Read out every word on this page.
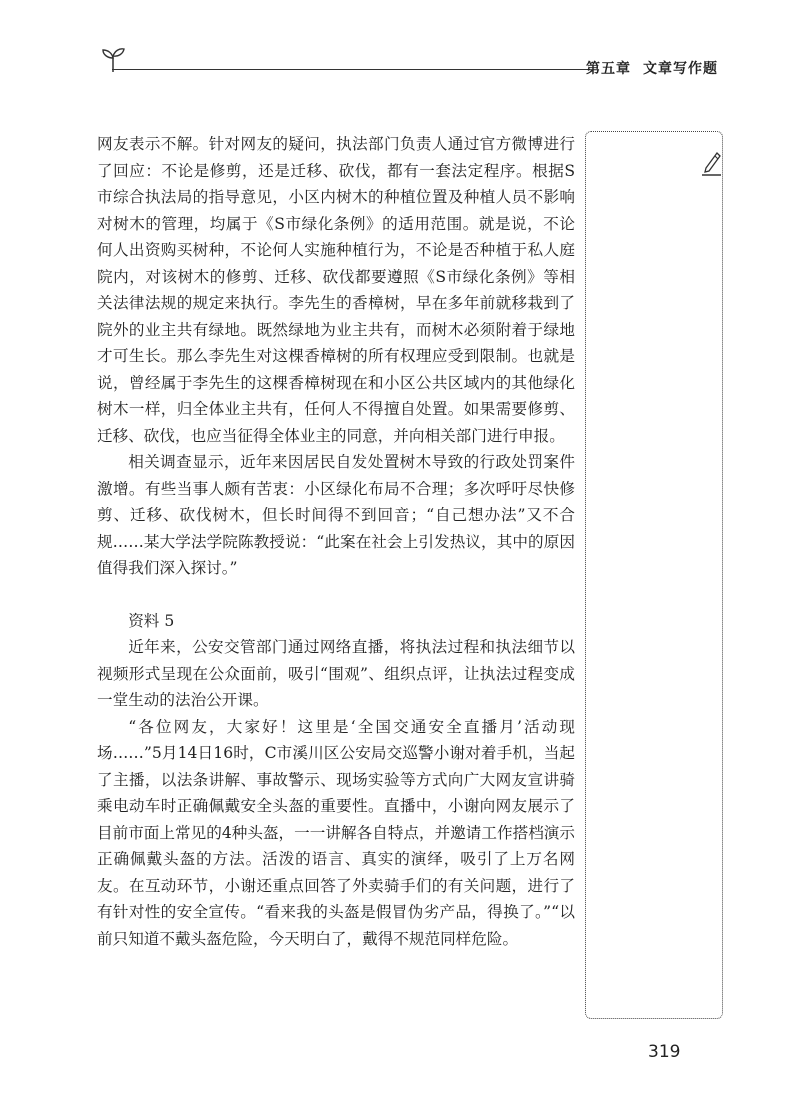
第五章 文章写作题

网友表示不解。针对网友的疑问，执法部门负责人通过官方微博进行了回应：不论是修剪，还是迁移、砍伐，都有一套法定程序。根据S市综合执法局的指导意见，小区内树木的种植位置及种植人员不影响对树木的管理，均属于《S市绿化条例》的适用范围。就是说，不论何人出资购买树种，不论何人实施种植行为，不论是否种植于私人庭院内，对该树木的修剪、迁移、砍伐都要遵照《S市绿化条例》等相关法律法规的规定来执行。李先生的香樟树，早在多年前就移栽到了院外的业主共有绿地。既然绿地为业主共有，而树木必须附着于绿地才可生长。那么李先生对这棵香樟树的所有权理应受到限制。也就是说，曾经属于李先生的这棵香樟树现在和小区公共区域内的其他绿化树木一样，归全体业主共有，任何人不得擅自处置。如果需要修剪、迁移、砍伐，也应当征得全体业主的同意，并向相关部门进行申报。

相关调查显示，近年来因居民自发处置树木导致的行政处罚案件激增。有些当事人颇有苦衷：小区绿化布局不合理；多次呼吁尽快修剪、迁移、砍伐树木，但长时间得不到回音；“自己想办法”又不合规……某大学法学院陈教授说：“此案在社会上引发热议，其中的原因值得我们深入探讨。”

资料 5

近年来，公安交管部门通过网络直播，将执法过程和执法细节以视频形式呈现在公众面前，吸引“围观”、组织点评，让执法过程变成一堂生动的法治公开课。

“各位网友，大家好！这里是‘全国交通安全直播月’活动现场……”5月14日16时，C市溪川区公安局交巡警小谢对着手机，当起了主播，以法条讲解、事故警示、现场实验等方式向广大网友宣讲骑乘电动车时正确佩戴安全头盔的重要性。直播中，小谢向网友展示了目前市面上常见的4种头盔，一一讲解各自特点，并邀请工作搭档演示正确佩戴头盔的方法。活泼的语言、真实的演绎，吸引了上万名网友。在互动环节，小谢还重点回答了外卖骑手们的有关问题，进行了有针对性的安全宣传。“看来我的头盔是假冒伪劣产品，得换了。”“以前只知道不戴头盔危险，今天明白了，戴得不规范同样危险。

319
